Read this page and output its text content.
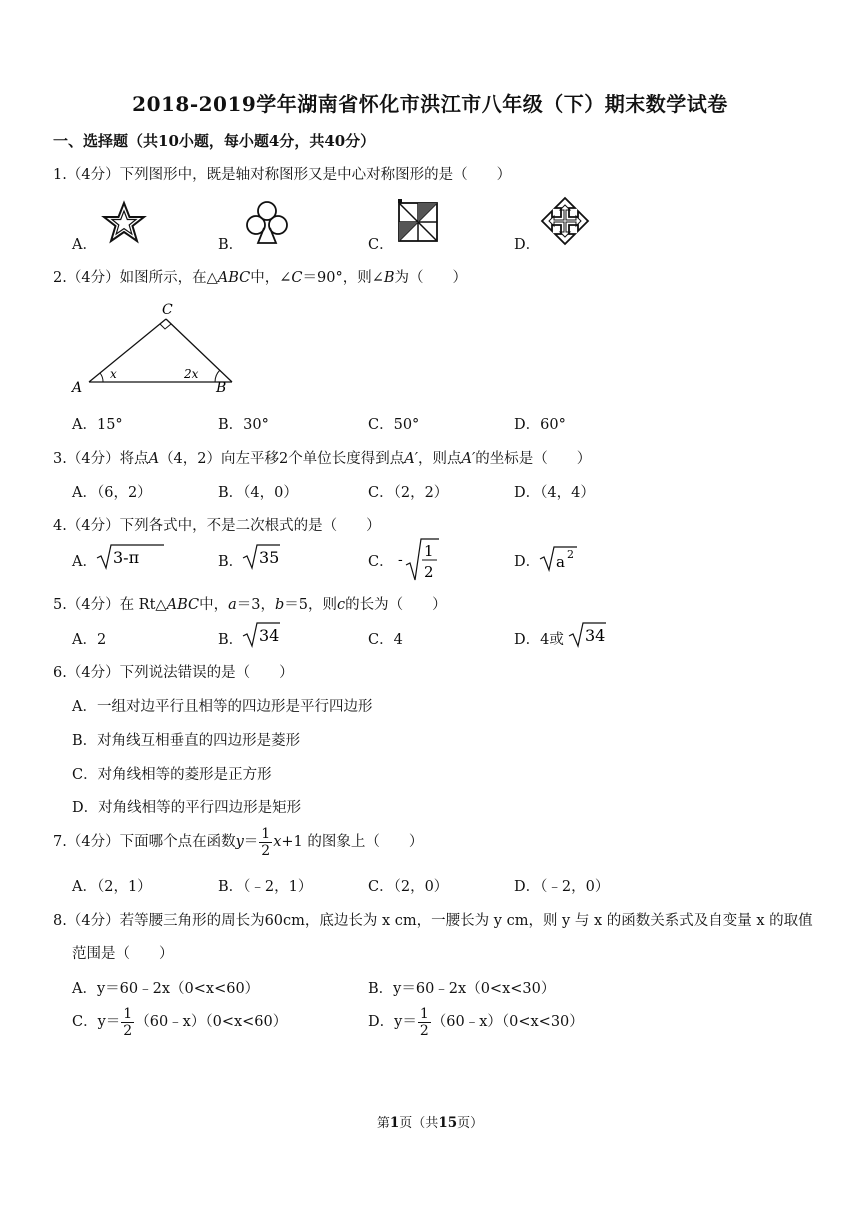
2018-2019学年湖南省怀化市洪江市八年级（下）期末数学试卷
一、选择题（共10小题，每小题4分，共40分）
1.（4分）下列图形中，既是轴对称图形又是中心对称图形的是（　　）
A．	B．	C．	D．
2.（4分）如图所示，在△ABC中，∠C＝90°，则∠B为（　　）
A	B
C
x	2x
A．15°	B．30°	C．50°	D．60°
3.（4分）将点A（4，2）向左平移2个单位长度得到点A′，则点A′的坐标是（　　）
A．（6，2）	B．（4，0）	C．（2，2）	D．（4，4）
4.（4分）下列各式中，不是二次根式的是（　　）
A． 3-π	B． 35	C． - 1
2
D． a 2
5.（4分）在 Rt△ABC中，a＝3，b＝5，则c的长为（　　）
A．2	B． 34	C．4	D．4或 34
6.（4分）下列说法错误的是（　　）
A．一组对边平行且相等的四边形是平行四边形
B．对角线互相垂直的四边形是菱形
C．对角线相等的菱形是正方形
D．对角线相等的平行四边形是矩形
7.（4分）下面哪个点在函数$y= \frac{1}{2} x+1$ 的图象上（　　）
A．（2，1）	B．（﹣2，1）	C．（2，0）	D．（﹣2，0）
8.（4分）若等腰三角形的周长为60cm，底边长为 x cm，一腰长为 y cm，则 y 与 x 的函数关系式及自变量 x 的取值
范围是（　　）
A．y＝60﹣2x（0<x<60）	B．y＝60﹣2x（0<x<30）
C．$y= \frac{1}{2}$ （60﹣x）（0<x<60）	D．$y= \frac{1}{2}$ （60﹣x）（0<x<30）
第1页（共15页）
